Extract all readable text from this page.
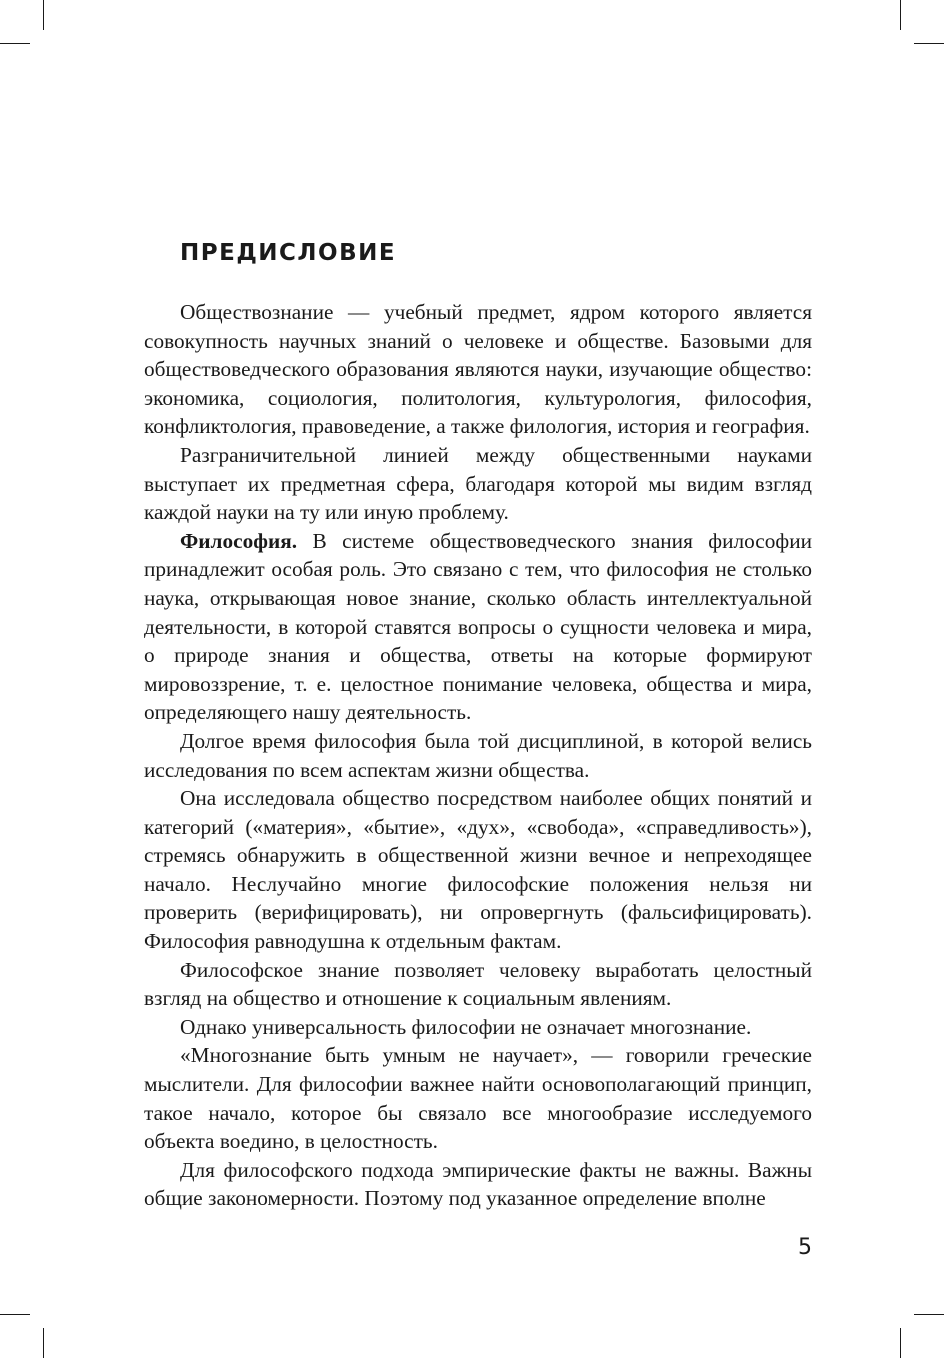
ПРЕДИСЛОВИЕ

Обществознание — учебный предмет, ядром которого является совокупность научных знаний о человеке и обществе. Базовыми для обществоведческого образования являются науки, изучающие общество: экономика, социология, политология, культурология, философия, конфликтология, правоведение, а также филология, история и география.

Разграничительной линией между общественными науками выступает их предметная сфера, благодаря которой мы видим взгляд каждой науки на ту или иную проблему.

Философия. В системе обществоведческого знания философии принадлежит особая роль. Это связано с тем, что философия не столько наука, открывающая новое знание, сколько область интеллектуальной деятельности, в которой ставятся вопросы о сущности человека и мира, о природе знания и общества, ответы на которые формируют мировоззрение, т. е. целостное понимание человека, общества и мира, определяющего нашу деятельность.

Долгое время философия была той дисциплиной, в которой велись исследования по всем аспектам жизни общества.

Она исследовала общество посредством наиболее общих понятий и категорий («материя», «бытие», «дух», «свобода», «справедливость»), стремясь обнаружить в общественной жизни вечное и непреходящее начало. Неслучайно многие философские положения нельзя ни проверить (верифицировать), ни опровергнуть (фальсифицировать). Философия равнодушна к отдельным фактам.

Философское знание позволяет человеку выработать целостный взгляд на общество и отношение к социальным явлениям.

Однако универсальность философии не означает многознание.

«Многознание быть умным не научает», — говорили греческие мыслители. Для философии важнее найти основополагающий принцип, такое начало, которое бы связало все многообразие исследуемого объекта воедино, в целостность.

Для философского подхода эмпирические факты не важны. Важны общие закономерности. Поэтому под указанное определение вполне

5
